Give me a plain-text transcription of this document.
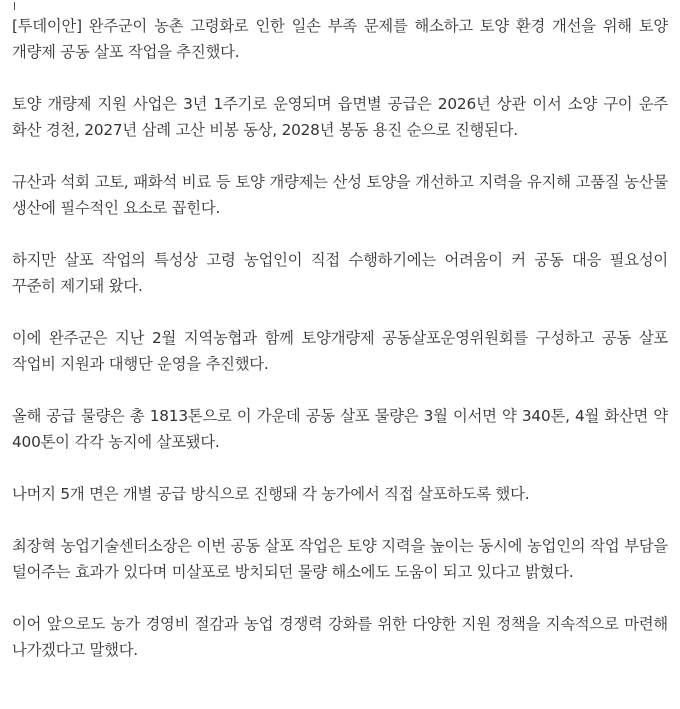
[투데이안] 완주군이 농촌 고령화로 인한 일손 부족 문제를 해소하고 토양 환경 개선을 위해 토양 개량제 공동 살포 작업을 추진했다.

토양 개량제 지원 사업은 3년 1주기로 운영되며 읍면별 공급은 2026년 상관 이서 소양 구이 운주 화산 경천, 2027년 삼례 고산 비봉 동상, 2028년 봉동 용진 순으로 진행된다.

규산과 석회 고토, 패화석 비료 등 토양 개량제는 산성 토양을 개선하고 지력을 유지해 고품질 농산물 생산에 필수적인 요소로 꼽힌다.

하지만 살포 작업의 특성상 고령 농업인이 직접 수행하기에는 어려움이 커 공동 대응 필요성이 꾸준히 제기돼 왔다.

이에 완주군은 지난 2월 지역농협과 함께 토양개량제 공동살포운영위원회를 구성하고 공동 살포 작업비 지원과 대행단 운영을 추진했다.

올해 공급 물량은 총 1813톤으로 이 가운데 공동 살포 물량은 3월 이서면 약 340톤, 4월 화산면 약 400톤이 각각 농지에 살포됐다.

나머지 5개 면은 개별 공급 방식으로 진행돼 각 농가에서 직접 살포하도록 했다.

최장혁 농업기술센터소장은 이번 공동 살포 작업은 토양 지력을 높이는 동시에 농업인의 작업 부담을 덜어주는 효과가 있다며 미살포로 방치되던 물량 해소에도 도움이 되고 있다고 밝혔다.

이어 앞으로도 농가 경영비 절감과 농업 경쟁력 강화를 위한 다양한 지원 정책을 지속적으로 마련해 나가겠다고 말했다.
